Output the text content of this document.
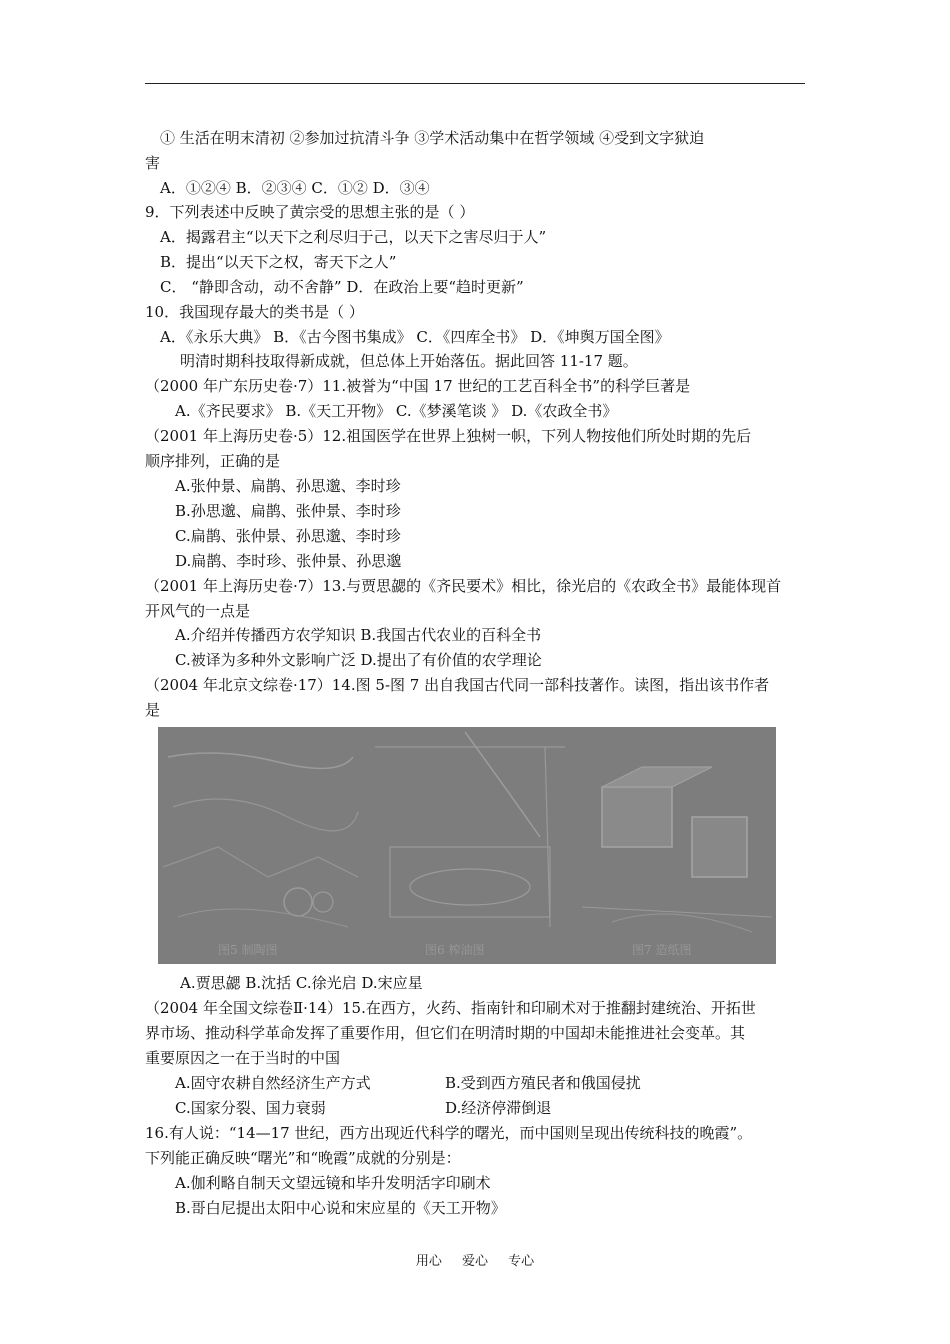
① 生活在明末清初 ②参加过抗清斗争 ③学术活动集中在哲学领域 ④受到文字狱迫
害
A．①②④ B．②③④ C．①② D．③④
9．下列表述中反映了黄宗受的思想主张的是（ ）
A．揭露君主“以天下之利尽归于己，以天下之害尽归于人”
B．提出“以天下之权，寄天下之人”
C． “静即含动，动不舍静” D．在政治上要“趋时更新”
10．我国现存最大的类书是（ ）
A．《永乐大典》 B．《古今图书集成》 C．《四库全书》 D．《坤舆万国全图》
明清时期科技取得新成就，但总体上开始落伍。据此回答 11-17 题。
（2000 年广东历史卷·7）11.被誉为“中国 17 世纪的工艺百科全书”的科学巨著是
A.《齐民要求》 B.《天工开物》 C.《梦溪笔谈 》 D.《农政全书》
（2001 年上海历史卷·5）12.祖国医学在世界上独树一帜，下列人物按他们所处时期的先后
顺序排列，正确的是
A.张仲景、扁鹊、孙思邈、李时珍
B.孙思邈、扁鹊、张仲景、李时珍
C.扁鹊、张仲景、孙思邈、李时珍
D.扁鹊、李时珍、张仲景、孙思邈
（2001 年上海历史卷·7）13.与贾思勰的《齐民要术》相比，徐光启的《农政全书》最能体现首
开风气的一点是
A.介绍并传播西方农学知识 B.我国古代农业的百科全书
C.被译为多种外文影响广泛 D.提出了有价值的农学理论
（2004 年北京文综卷·17）14.图 5-图 7 出自我国古代同一部科技著作。读图，指出该书作者
是
图5 制陶图	图6 榨油图	图7 造纸图
A.贾思勰 B.沈括 C.徐光启 D.宋应星
（2004 年全国文综卷Ⅱ·14）15.在西方，火药、指南针和印刷术对于推翻封建统治、开拓世
界市场、推动科学革命发挥了重要作用，但它们在明清时期的中国却未能推进社会变革。其
重要原因之一在于当时的中国
A.固守农耕自然经济生产方式	B.受到西方殖民者和俄国侵扰
C.国家分裂、国力衰弱	D.经济停滞倒退
16.有人说：“14—17 世纪，西方出现近代科学的曙光，而中国则呈现出传统科技的晚霞”。
下列能正确反映“曙光”和“晚霞”成就的分别是：
A.伽利略自制天文望远镜和毕升发明活字印刷术
B.哥白尼提出太阳中心说和宋应星的《天工开物》
用心 爱心 专心
